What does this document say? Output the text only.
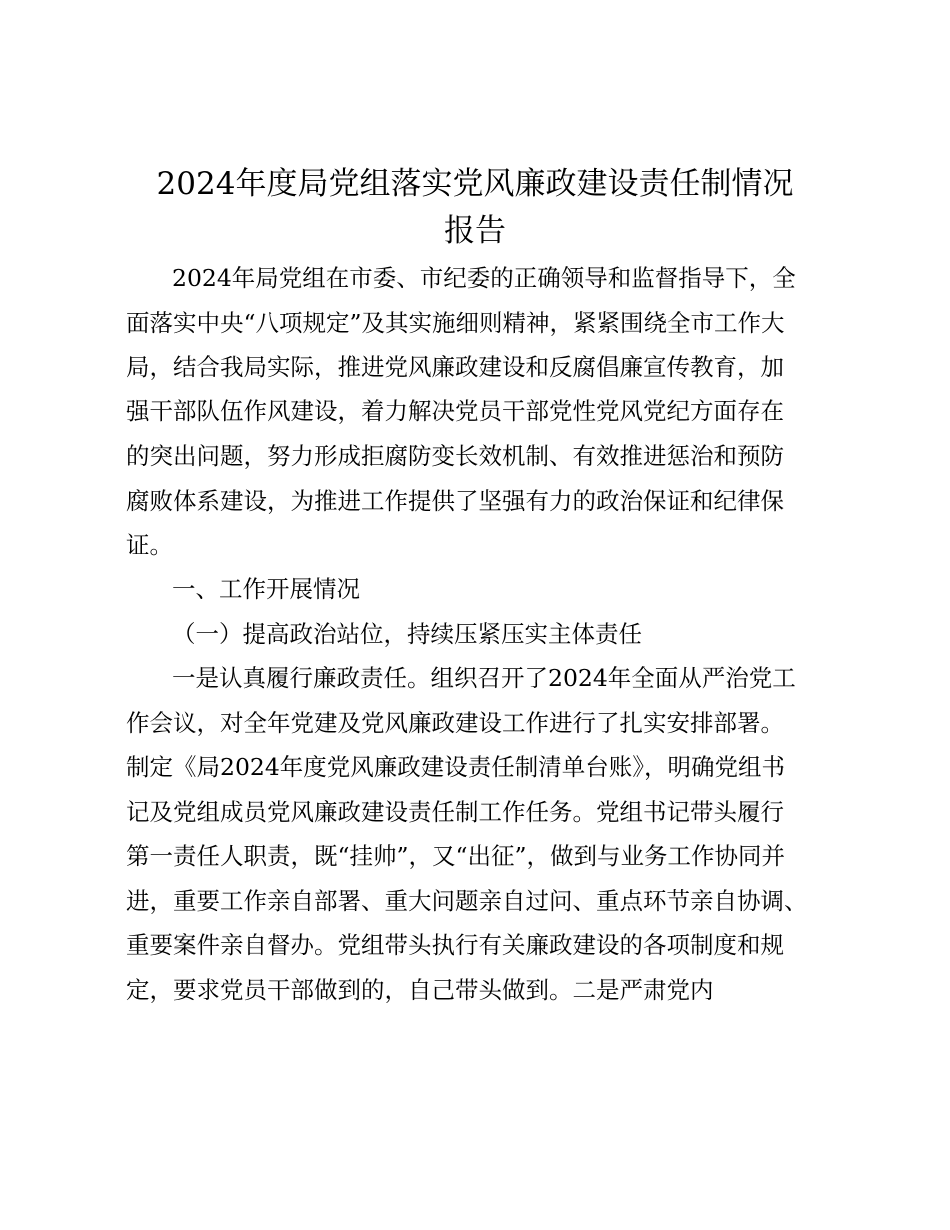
2024年度局党组落实党风廉政建设责任制情况
报告
2024年局党组在市委、市纪委的正确领导和监督指导下，全
面落实中央“八项规定”及其实施细则精神，紧紧围绕全市工作大
局，结合我局实际，推进党风廉政建设和反腐倡廉宣传教育，加
强干部队伍作风建设，着力解决党员干部党性党风党纪方面存在
的突出问题，努力形成拒腐防变长效机制、有效推进惩治和预防
腐败体系建设，为推进工作提供了坚强有力的政治保证和纪律保
证。
一、工作开展情况
（一）提高政治站位，持续压紧压实主体责任
一是认真履行廉政责任。组织召开了2024年全面从严治党工
作会议，对全年党建及党风廉政建设工作进行了扎实安排部署。
制定《局2024年度党风廉政建设责任制清单台账》，明确党组书
记及党组成员党风廉政建设责任制工作任务。党组书记带头履行
第一责任人职责，既“挂帅”，又“出征”，做到与业务工作协同并
进，重要工作亲自部署、重大问题亲自过问、重点环节亲自协调、
重要案件亲自督办。党组带头执行有关廉政建设的各项制度和规
定，要求党员干部做到的，自己带头做到。二是严肃党内
